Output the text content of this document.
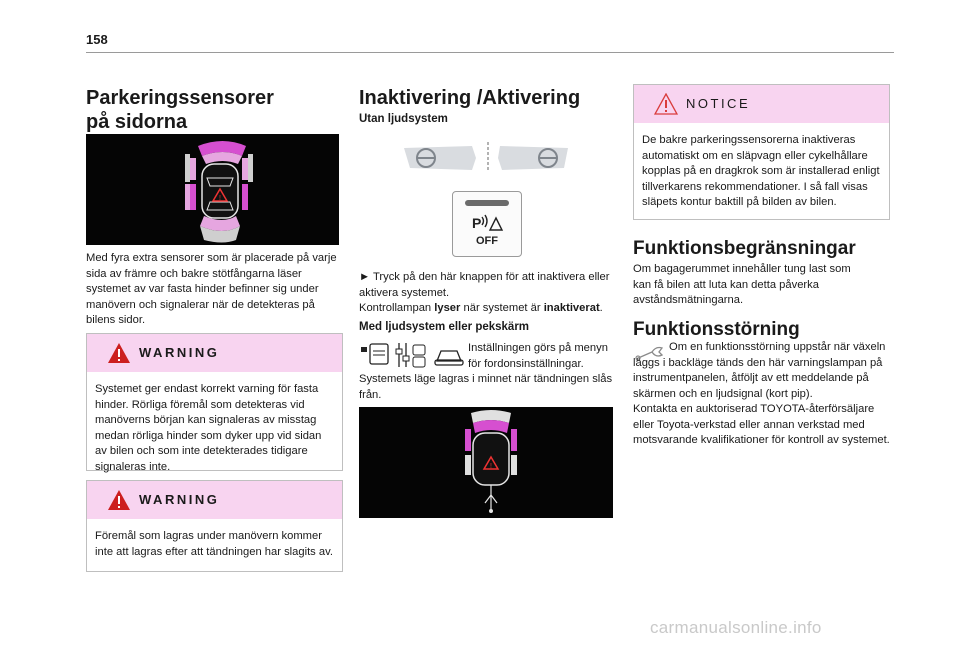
158
Parkeringssensorer
på sidorna
!

Med fyra extra sensorer som är placerade på varje sida av främre och bakre stötfångarna läser systemet av var fasta hinder befinner sig under manövern och signalerar när de detekteras på bilens sidor.

WARNING
Systemet ger endast korrekt varning för fasta hinder. Rörliga föremål som detekteras vid manöverns början kan signaleras av misstag medan rörliga hinder som dyker upp vid sidan av bilen och som inte detekterades tidigare signaleras inte.
WARNING
Föremål som lagras under manövern kommer inte att lagras efter att tändningen har slagits av.
Inaktivering /Aktivering
Utan ljudsystem
P
OFF
► Tryck på den här knappen för att inaktivera eller aktivera systemet.
Kontrollampan lyser när systemet är inaktiverat.
Med ljudsystem eller pekskärm

Inställningen görs på menyn för fordonsinställningar.

Systemets läge lagras i minnet när tändningen slås från.

!
NOTICE
De bakre parkeringssensorerna inaktiveras automatiskt om en släpvagn eller cykelhållare kopplas på en dragkrok som är installerad enligt tillverkarens rekommendationer. I så fall visas släpets kontur baktill på bilden av bilen.
Funktionsbegränsningar

Om bagagerummet innehåller tung last som kan få bilen att luta kan detta påverka avståndsmätningarna.

Funktionsstörning
Om en funktionsstörning uppstår när växeln läggs i backläge tänds den här varningslampan på instrumentpanelen, åtföljt av ett meddelande på skärmen och en ljudsignal (kort pip).
Kontakta en auktoriserad TOYOTA-återförsäljare eller Toyota-verkstad eller annan verkstad med motsvarande kvalifikationer för kontroll av systemet.
carmanualsonline.info
